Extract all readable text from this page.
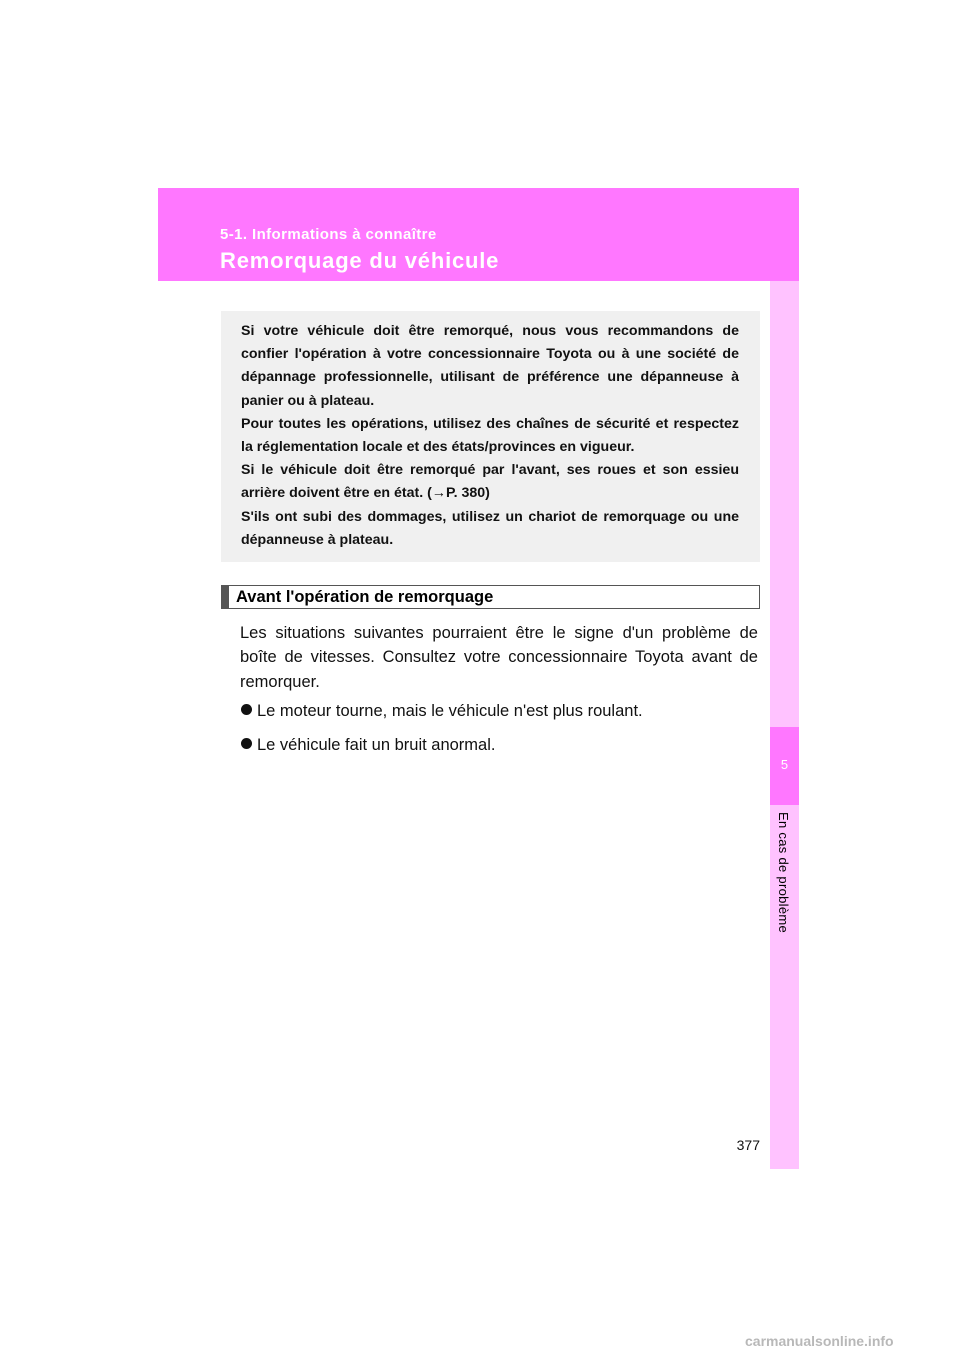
5-1. Informations à connaître
Remorquage du véhicule
5
En cas de problème

Si votre véhicule doit être remorqué, nous vous recommandons de confier l'opération à votre concessionnaire Toyota ou à une société de dépannage professionnelle, utilisant de préférence une dépanneuse à panier ou à plateau.

Pour toutes les opérations, utilisez des chaînes de sécurité et respectez la réglementation locale et des états/provinces en vigueur.

Si le véhicule doit être remorqué par l'avant, ses roues et son essieu arrière doivent être en état. (→P. 380)

S'ils ont subi des dommages, utilisez un chariot de remorquage ou une dépanneuse à plateau.

Avant l'opération de remorquage

Les situations suivantes pourraient être le signe d'un problème de boîte de vitesses. Consultez votre concessionnaire Toyota avant de remorquer.

Le moteur tourne, mais le véhicule n'est plus roulant.
Le véhicule fait un bruit anormal.
377
carmanualsonline.info
